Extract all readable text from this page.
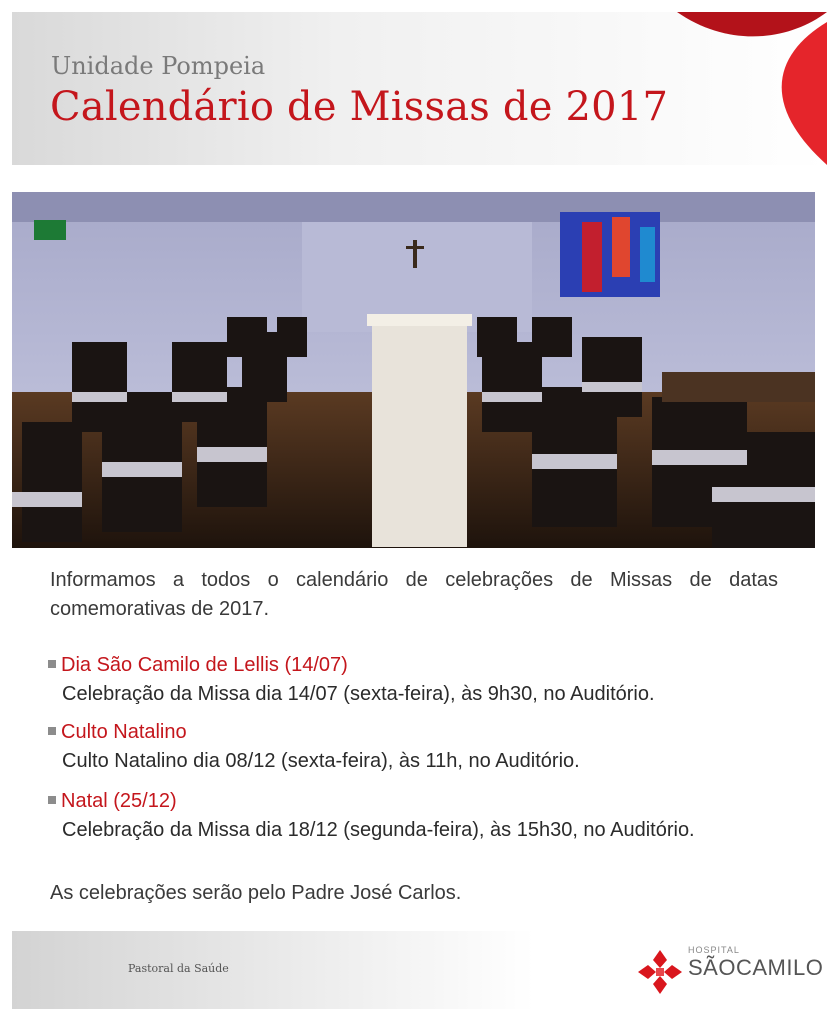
Unidade Pompeia
Calendário de Missas de 2017
Informamos a todos o calendário de celebrações de Missas de datas comemorativas de 2017.
Dia São Camilo de Lellis (14/07)
Celebração da Missa dia 14/07 (sexta-feira), às 9h30, no Auditório.
Culto Natalino
Culto Natalino dia 08/12 (sexta-feira), às 11h, no Auditório.
Natal (25/12)
Celebração da Missa dia 18/12 (segunda-feira), às 15h30, no Auditório.
As celebrações serão pelo Padre José Carlos.
Pastoral da Saúde
HOSPITAL
SÃOCAMILO
